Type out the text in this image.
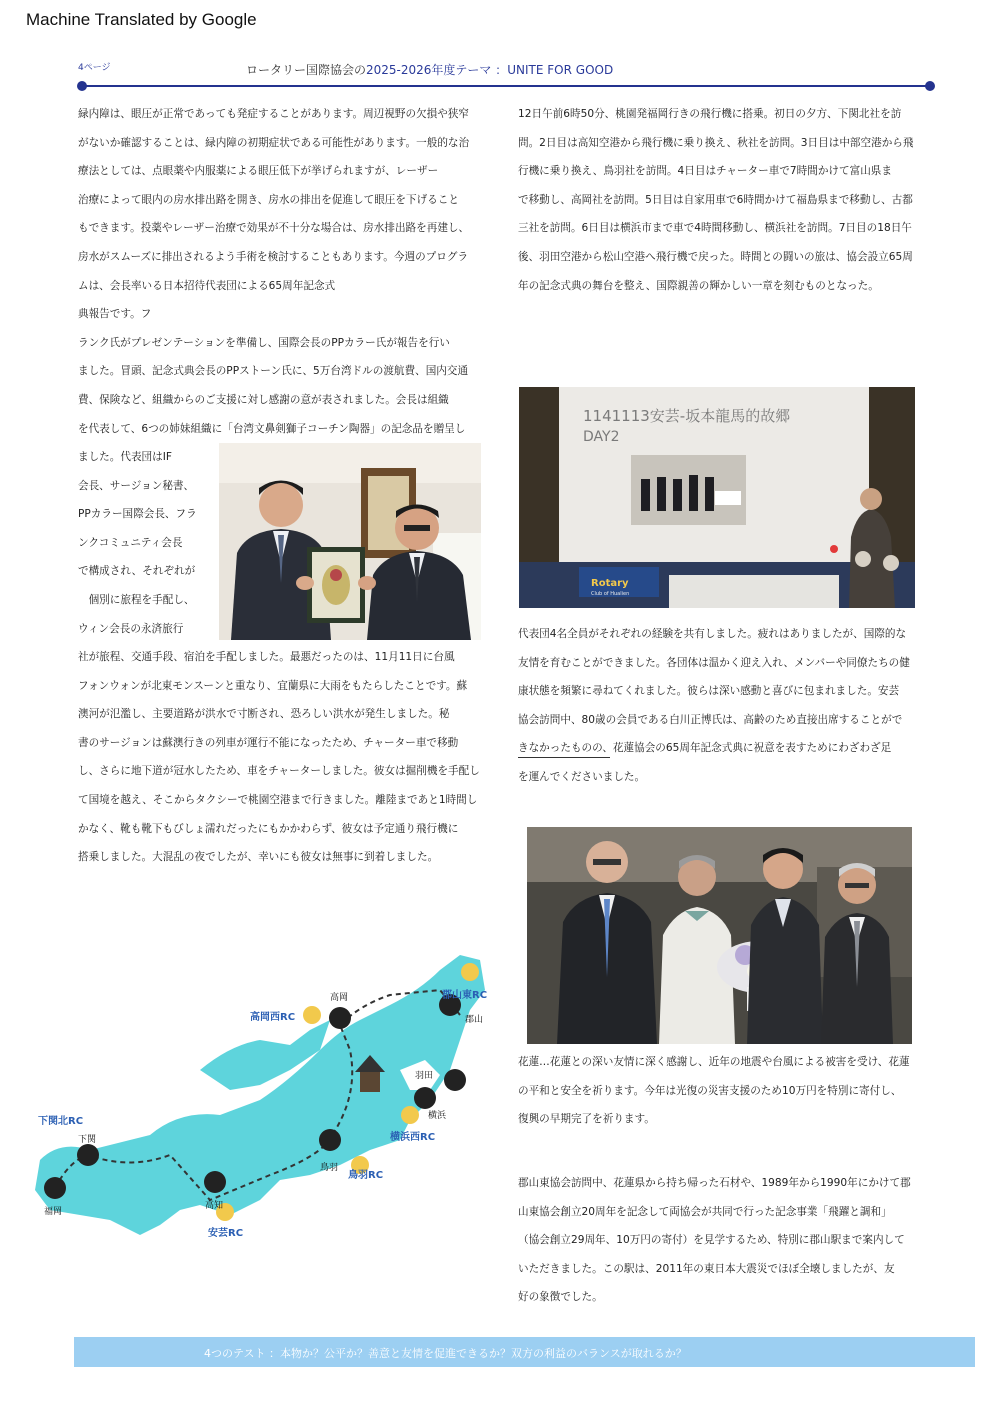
Machine Translated by Google
4ページ	ロータリー国際協会の2025-2026年度テーマ ：UNITE FOR GOOD

緑内障は、眼圧が正常であっても発症することがあります。周辺視野の欠損や狭窄

がないか確認することは、緑内障の初期症状である可能性があります。一般的な治

療法としては、点眼薬や内服薬による眼圧低下が挙げられますが、レーザー

治療によって眼内の房水排出路を開き、房水の排出を促進して眼圧を下げること

もできます。投薬やレーザー治療で効果が不十分な場合は、房水排出路を再建し、

房水がスムーズに排出されるよう手術を検討することもあります。今週のプログラ

ムは、会長率いる日本招待代表団による65周年記念式

典報告です。フ

ランク氏がプレゼンテーションを準備し、国際会長のPPカラー氏が報告を行い

ました。冒頭、記念式典会長のPPストーン氏に、5万台湾ドルの渡航費、国内交通

費、保険など、組織からのご支援に対し感謝の意が表されました。会長は組織

を代表して、6つの姉妹組織に「台湾文鼻剣獅子コーチン陶器」の記念品を贈呈し

ました。代表団はIF

会長、サージョン秘書、

PPカラー国際会長、フラ

ンクコミュニティ会長

で構成され、それぞれが

　個別に旅程を手配し、

ウィン会長の永済旅行

社が旅程、交通手段、宿泊を手配しました。最悪だったのは、11月11日に台風

フォンウォンが北東モンスーンと重なり、宜蘭県に大雨をもたらしたことです。蘇

澳河が氾濫し、主要道路が洪水で寸断され、恐ろしい洪水が発生しました。秘

書のサージョンは蘇澳行きの列車が運行不能になったため、チャーター車で移動

し、さらに地下道が冠水したため、車をチャーターしました。彼女は掘削機を手配し

て国境を越え、そこからタクシーで桃園空港まで行きました。離陸まであと1時間し

かなく、靴も靴下もびしょ濡れだったにもかかわらず、彼女は予定通り飛行機に

搭乗しました。大混乱の夜でしたが、幸いにも彼女は無事に到着しました。

下関北RC
高岡西RC
郡山東RC
横浜西RC
鳥羽RC
安芸RC
高岡
郡山
羽田
横浜
鳥羽
高知
下関
福岡

12日午前6時50分、桃園発福岡行きの飛行機に搭乗。初日の夕方、下関北社を訪

問。2日目は高知空港から飛行機に乗り換え、秋社を訪問。3日目は中部空港から飛

行機に乗り換え、鳥羽社を訪問。4日目はチャーター車で7時間かけて富山県ま

で移動し、高岡社を訪問。5日目は自家用車で6時間かけて福島県まで移動し、古都

三社を訪問。6日目は横浜市まで車で4時間移動し、横浜社を訪問。7日目の18日午

後、羽田空港から松山空港へ飛行機で戻った。時間との闘いの旅は、協会設立65周

年の記念式典の舞台を整え、国際親善の輝かしい一章を刻むものとなった。

1141113安芸-坂本龍馬的故郷
DAY2
Rotary
Club of Hualien

代表団4名全員がそれぞれの経験を共有しました。疲れはありましたが、国際的な

友情を育むことができました。各団体は温かく迎え入れ、メンバーや同僚たちの健

康状態を頻繁に尋ねてくれました。彼らは深い感動と喜びに包まれました。安芸

協会訪問中、80歳の会員である白川正博氏は、高齢のため直接出席することがで

きなかったものの、花蓮協会の65周年記念式典に祝意を表すためにわざわざ足

を運んでくださいました。

花蓮…花蓮との深い友情に深く感謝し、近年の地震や台風による被害を受け、花蓮

の平和と安全を祈ります。今年は光復の災害支援のため10万円を特別に寄付し、

復興の早期完了を祈ります。

郡山東協会訪問中、花蓮県から持ち帰った石材や、1989年から1990年にかけて郡

山東協会創立20周年を記念して両協会が共同で行った記念事業「飛躍と調和」

（協会創立29周年、10万円の寄付）を見学するため、特別に郡山駅まで案内して

いただきました。この駅は、2011年の東日本大震災でほぼ全壊しましたが、友

好の象徴でした。

4つのテスト ：本物か？公平か？善意と友情を促進できるか？双方の利益のバランスが取れるか？
